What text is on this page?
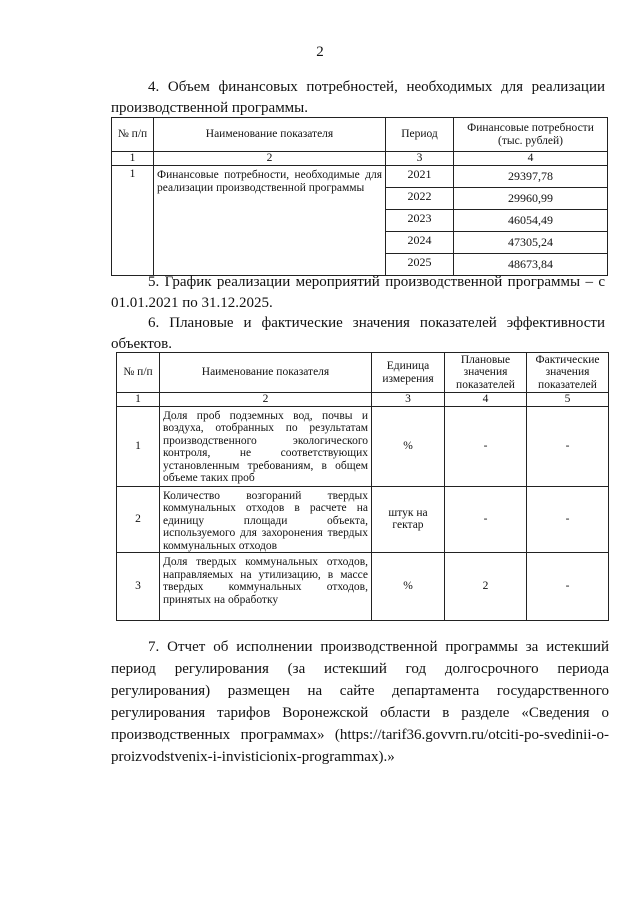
2
4. Объем финансовых потребностей, необходимых для реализации производственной программы.
№ п/п	Наименование показателя	Период	Финансовые потребности (тыс. рублей)
1	2	3	4
1	Финансовые потребности, необходимые для реализации производственной программы	2021	29397,78
		2022	29960,99
		2023	46054,49
		2024	47305,24
		2025	48673,84
5. График реализации мероприятий производственной программы – с 01.01.2021 по 31.12.2025.
6. Плановые и фактические значения показателей эффективности объектов.
№ п/п	Наименование показателя	Единица измерения	Плановые значения показателей	Фактические значения показателей
1	2	3	4	5
1	Доля проб подземных вод, почвы и воздуха, отобранных по результатам производственного экологического контроля, не соответствующих установленным требованиям, в общем объеме таких проб	%	-	-
2	Количество возгораний твердых коммунальных отходов в расчете на единицу площади объекта, используемого для захоронения твердых коммунальных отходов	штук на гектар	-	-
3	Доля твердых коммунальных отходов, направляемых на утилизацию, в массе твердых коммунальных отходов, принятых на обработку	%	2	-
7. Отчет об исполнении производственной программы за истекший период регулирования (за истекший год долгосрочного периода регулирования) размещен на сайте департамента государственного регулирования тарифов Воронежской области в разделе «Сведения о производственных программах» (https://tarif36.govvrn.ru/otciti-po-svedinii-o-proizvodstvenix-i-invisticionix-programmax).»
